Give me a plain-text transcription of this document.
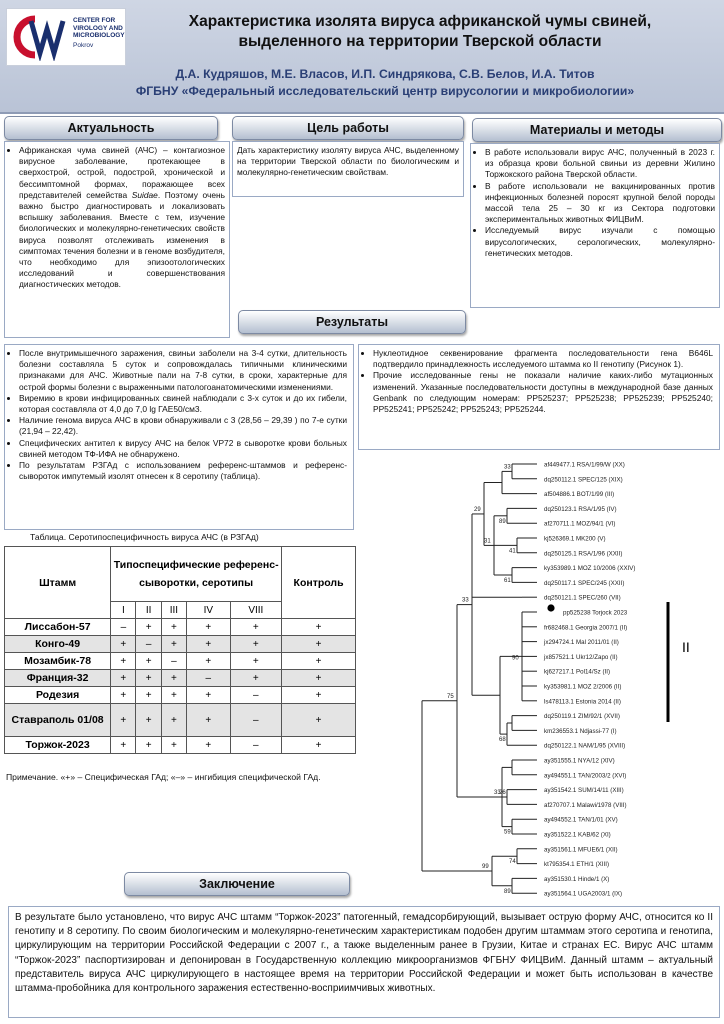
CENTER FOR VIROLOGY AND MICROBIOLOGY
Pokrov
Характеристика изолята вируса африканской чумы свиней,
выделенного на территории Тверской области
Д.А. Кудряшов, М.Е. Власов, И.П. Синдрякова, С.В. Белов, И.А. Титов
ФГБНУ «Федеральный исследовательский центр вирусологии и микробиологии»
Актуальность	Цель работы	Материалы и методы
• Африканская чума свиней (АЧС) – контагиозное вирусное заболевание, протекающее в сверхострой, острой, подострой, хронической и бессимптомной формах, поражающее всех представителей семейства Suidae. Поэтому очень важно быстро диагностировать и локализовать вспышку заболевания. Вместе с тем, изучение биологических и молекулярно-генетических свойств вируса позволят отслеживать изменения в симптомах течения болезни и в геноме возбудителя, что необходимо для эпизоотологических исследований и совершенствования диагностических методов.

Дать характеристику изоляту вируса АЧС, выделенному на территории Тверской области по биологическим и молекулярно-генетическим свойствам.

• В работе использовали вирус АЧС, полученный в 2023 г. из образца крови больной свиньи из деревни Жилино Торжокского района Тверской области.
• В работе использовали не вакцинированных против инфекционных болезней поросят крупной белой породы массой тела 25 – 30 кг из Сектора подготовки экспериментальных животных ФИЦВиМ.
• Исследуемый вирус изучали с помощью вирусологических, серологических, молекулярно-генетических методов.
Результаты
• После внутримышечного заражения, свиньи заболели на 3-4 сутки, длительность болезни составляла 5 суток и сопровождалась типичными клиническими признаками для АЧС. Животные пали на 7-8 сутки, в сроки, характерные для острой формы болезни с выраженными патологоанатомическими изменениями.
• Виремию в крови инфицированных свиней наблюдали с 3-х суток и до их гибели, которая составляла от 4,0 до 7,0 lg ГАЕ50/см3.
• Наличие генома вируса АЧС в крови обнаруживали с 3 (28,56 – 29,39 ) по 7-е сутки (21,94 – 22,42).
• Специфических антител к вирусу АЧС на белок VP72 в сыворотке крови больных свиней методом ТФ-ИФА не обнаружено.
• По результатам РЗГАд с использованием референс-штаммов и референс-сывороток импутемый изолят отнесен к 8 серотипу (таблица).
• Нуклеотидное секвенирование фрагмента последовательности гена B646L подтвердило принадлежность исследуемого штамма ко II генотипу (Рисунок 1).
• Прочие исследованные гены не показали наличие каких-либо мутационных изменений. Указанные последовательности доступны в международной базе данных Genbank по следующим номерам: PP525237; PP525238; PP525239; PP525240; PP525241; PP525242; PP525243; PP525244.
Таблица. Серотипоспецифичность вируса АЧС (в РЗГАд)
Штамм	Типоспецифические референс-сыворотки, серотипы					Контроль
	I	II	III	IV	VIII	
Лиссабон-57	–	+	+	+	+	+
Конго-49	+	–	+	+	+	+
Мозамбик-78	+	+	–	+	+	+
Франция-32	+	+	+	–	+	+
Родезия	+	+	+	+	–	+
Ставраполь 01/08	+	+	+	+	–	+
Торжок-2023	+	+	+	+	–	+
Примечание. «+» – Специфическая ГАд; «–» – ингибиция специфической ГАд.
af449477.1 RSA/1/99/W (XX)
dq250112.1 SPEC/125 (XIX)
af504886.1 BOT/1/99 (III)
dq250123.1 RSA/1/95 (IV)
af270711.1 MOZ/94/1 (VI)
kj526369.1 MK200 (V)
dq250125.1 RSA/1/96 (XXII)
ky353989.1 MOZ 10/2006 (XXIV)
dq250117.1 SPEC/245 (XXII)
dq250121.1 SPEC/260 (VII)
pp525238 Torjock 2023
fr682468.1 Georgia 2007/1 (II)
jx294724.1 Mal 2011/01 (II)
jx857521.1 Ukr12/Zapo (II)
kj627217.1 Pol14/Sz (II)
ky353981.1 MOZ 2/2006 (II)
ls478113.1 Estonia 2014 (II)
dq250119.1 ZIM/92/1 (XVII)
km236553.1 Ndjassi-77 (I)
dq250122.1 NAM/1/95 (XVIII)
ay351555.1 NYA/12 (XIV)
ay494551.1 TAN/2003/2 (XVI)
ay351542.1 SUM/14/11 (XIII)
af270707.1 Malawi/1978 (VIII)
ay494552.1 TAN/1/01 (XV)
ay351522.1 KAB/62 (XI)
ay351561.1 MFUE6/1 (XII)
kt795354.1 ETH/1 (XIII)
ay351530.1 Hinde/1 (X)
ay351564.1 UGA2003/1 (IX)
33
31
89
41
61
29
33
90
68
75
33
26
59
74
99
89
II
Заключение

В результате было установлено, что вирус АЧС штамм “Торжок-2023” патогенный, гемадсорбирующий, вызывает острую форму АЧС, относится ко II генотипу и 8 серотипу. По своим биологическим и молекулярно-генетическим характеристикам подобен другим штаммам этого серотипа и генотипа, циркулирующим на территории Российской Федерации с 2007 г., а также выделенным ранее в Грузии, Китае и странах ЕС. Вирус АЧС штамм “Торжок-2023” паспортизирован и депонирован в Государственную коллекцию микроорганизмов ФГБНУ ФИЦВиМ. Данный штамм – актуальный представитель вируса АЧС циркулирующего в настоящее время на территории Российской Федерации и может быть использован в качестве штамма-пробойника для контрольного заражения естественно-восприимчивых животных.
